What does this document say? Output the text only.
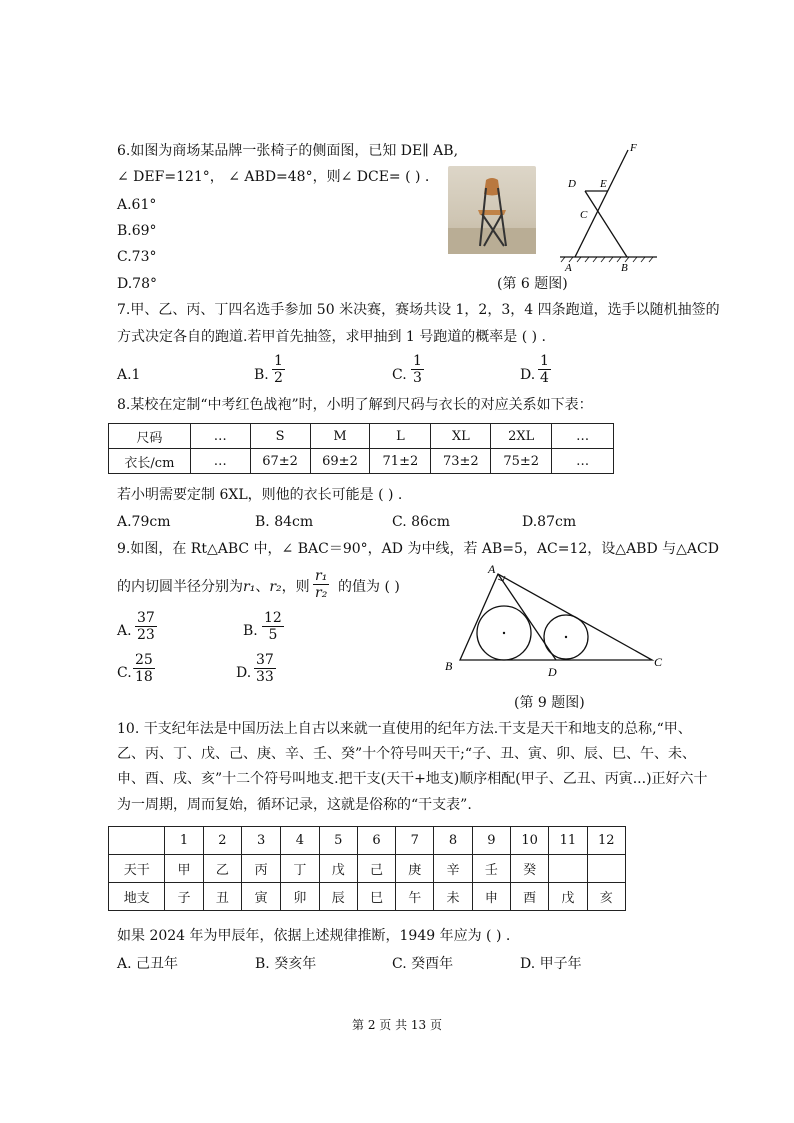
6.如图为商场某品牌一张椅子的侧面图，已知 DE∥ AB,
∠ DEF=121°， ∠ ABD=48°，则∠ DCE= ( ) .
A.61°
B.69°
C.73°
D.78°
F
D E
C
A	B
(第 6 题图)
7.甲、乙、丙、丁四名选手参加 50 米决赛，赛场共设 1，2，3，4 四条跑道，选手以随机抽签的
方式决定各自的跑道.若甲首先抽签，求甲抽到 1 号跑道的概率是 ( ) .
A.1	B. $\frac{1}{2}$	C. $\frac{1}{3}$	D. $\frac{1}{4}$
8.某校在定制“中考红色战袍”时，小明了解到尺码与衣长的对应关系如下表：
尺码	…	S	M	L	XL	2XL	…
衣长/cm	…	67±2	69±2	71±2	73±2	75±2	…
若小明需要定制 6XL，则他的衣长可能是 ( ) .
A.79cm	B. 84cm	C. 86cm	D.87cm
9.如图，在 Rt△ABC 中，∠ BAC＝90°，AD 为中线，若 AB=5，AC=12，设△ABD 与△ACD
的内切圆半径分别为r₁、r₂，则 $\frac{\text{r₁}}{\text{r₂}}$ 的值为 ( )
A. $\frac{37}{23}$	B. $\frac{12}{5}$
C. $\frac{25}{18}$	D. $\frac{37}{33}$
A
B	C
D
(第 9 题图)
10. 干支纪年法是中国历法上自古以来就一直使用的纪年方法.干支是天干和地支的总称,“甲、
乙、丙、丁、戊、己、庚、辛、壬、癸”十个符号叫天干;“子、丑、寅、卯、辰、巳、午、未、
申、酉、戌、亥”十二个符号叫地支.把干支(天干+地支)顺序相配(甲子、乙丑、丙寅...)正好六十
为一周期，周而复始，循环记录，这就是俗称的“干支表”.
	1	2	3	4	5	6	7	8	9	10	11	12
天干	甲	乙	丙	丁	戊	己	庚	辛	壬	癸		
地支	子	丑	寅	卯	辰	巳	午	未	申	酉	戊	亥
如果 2024 年为甲辰年，依据上述规律推断，1949 年应为 ( ) .
A. 己丑年	B. 癸亥年	C. 癸酉年	D. 甲子年
第 2 页 共 13 页
